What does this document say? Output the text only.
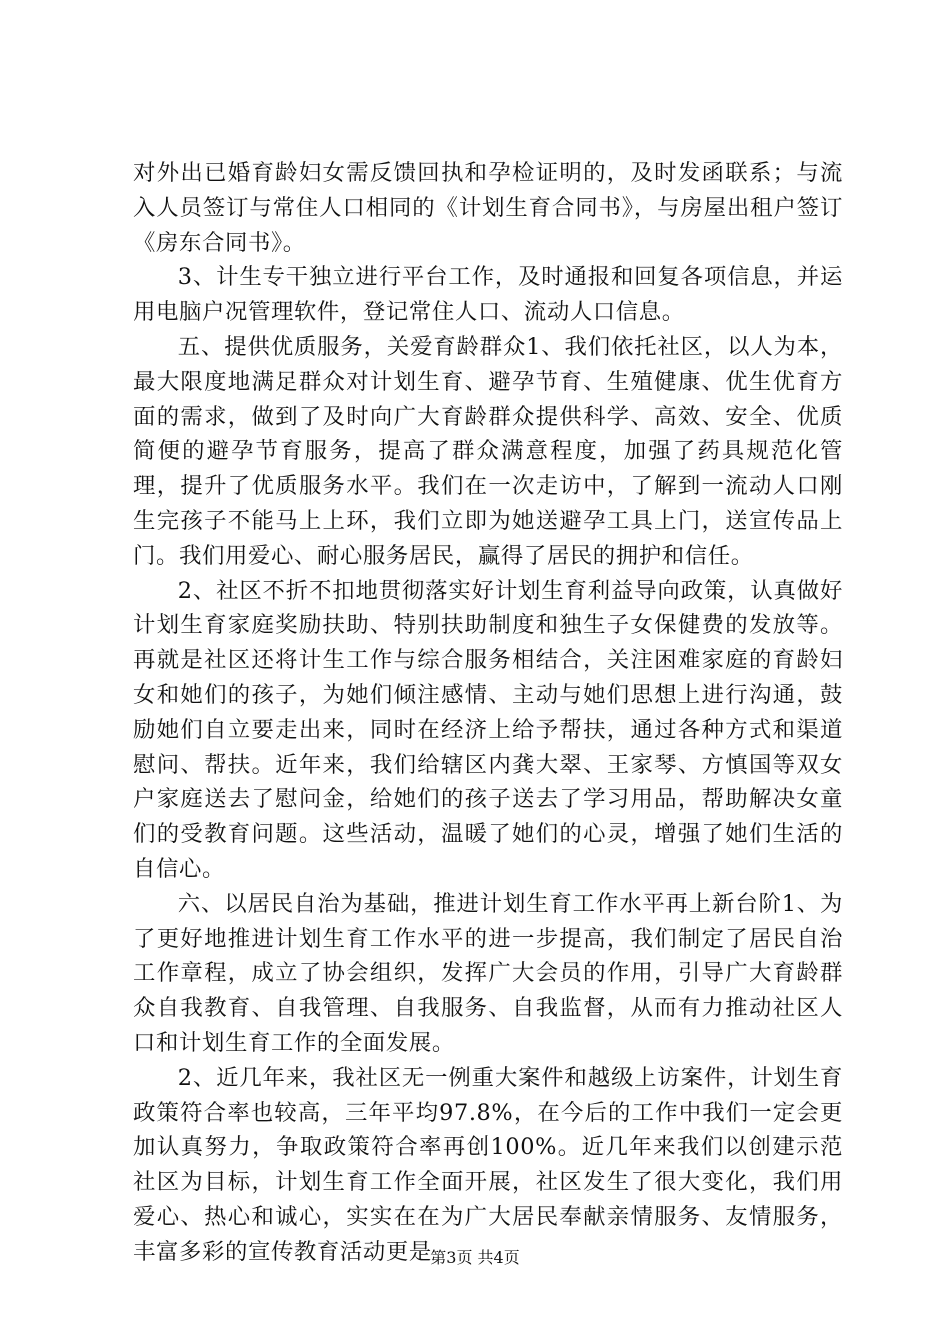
对外出已婚育龄妇女需反馈回执和孕检证明的，及时发函联系；与流入人员签订与常住人口相同的《计划生育合同书》，与房屋出租户签订《房东合同书》。

3、计生专干独立进行平台工作，及时通报和回复各项信息，并运用电脑户况管理软件，登记常住人口、流动人口信息。

五、提供优质服务，关爱育龄群众1、我们依托社区，以人为本，最大限度地满足群众对计划生育、避孕节育、生殖健康、优生优育方面的需求，做到了及时向广大育龄群众提供科学、高效、安全、优质简便的避孕节育服务，提高了群众满意程度，加强了药具规范化管理，提升了优质服务水平。我们在一次走访中，了解到一流动人口刚生完孩子不能马上上环，我们立即为她送避孕工具上门，送宣传品上门。我们用爱心、耐心服务居民，赢得了居民的拥护和信任。

2、社区不折不扣地贯彻落实好计划生育利益导向政策，认真做好计划生育家庭奖励扶助、特别扶助制度和独生子女保健费的发放等。再就是社区还将计生工作与综合服务相结合，关注困难家庭的育龄妇女和她们的孩子，为她们倾注感情、主动与她们思想上进行沟通，鼓励她们自立要走出来，同时在经济上给予帮扶，通过各种方式和渠道慰问、帮扶。近年来，我们给辖区内龚大翠、王家琴、方慎国等双女户家庭送去了慰问金，给她们的孩子送去了学习用品，帮助解决女童们的受教育问题。这些活动，温暖了她们的心灵，增强了她们生活的自信心。

六、以居民自治为基础，推进计划生育工作水平再上新台阶1、为了更好地推进计划生育工作水平的进一步提高，我们制定了居民自治工作章程，成立了协会组织，发挥广大会员的作用，引导广大育龄群众自我教育、自我管理、自我服务、自我监督，从而有力推动社区人口和计划生育工作的全面发展。

2、近几年来，我社区无一例重大案件和越级上访案件，计划生育政策符合率也较高，三年平均97.8%，在今后的工作中我们一定会更加认真努力，争取政策符合率再创100%。近几年来我们以创建示范社区为目标，计划生育工作全面开展，社区发生了很大变化，我们用爱心、热心和诚心，实实在在为广大居民奉献亲情服务、友情服务，丰富多彩的宣传教育活动更是

第3页 共4页
